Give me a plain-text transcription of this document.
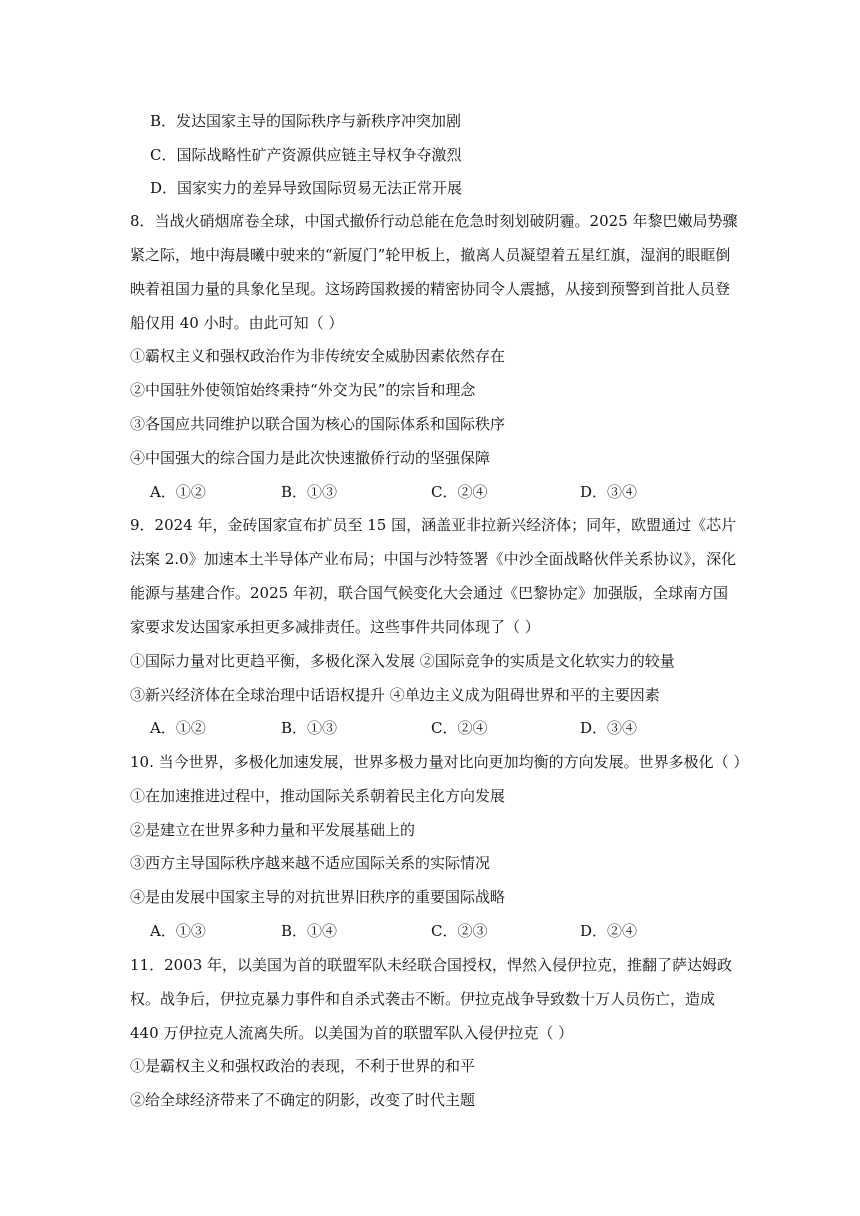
B．发达国家主导的国际秩序与新秩序冲突加剧
C．国际战略性矿产资源供应链主导权争夺激烈
D．国家实力的差异导致国际贸易无法正常开展
8．当战火硝烟席卷全球，中国式撤侨行动总能在危急时刻划破阴霾。2025 年黎巴嫩局势骤
紧之际，地中海晨曦中驶来的“新厦门”轮甲板上，撤离人员凝望着五星红旗，湿润的眼眶倒
映着祖国力量的具象化呈现。这场跨国救援的精密协同令人震撼，从接到预警到首批人员登
船仅用 40 小时。由此可知（ ）
①霸权主义和强权政治作为非传统安全威胁因素依然存在
②中国驻外使领馆始终秉持“外交为民”的宗旨和理念
③各国应共同维护以联合国为核心的国际体系和国际秩序
④中国强大的综合国力是此次快速撤侨行动的坚强保障
A．①②	B．①③	C．②④	D．③④
9．2024 年，金砖国家宣布扩员至 15 国，涵盖亚非拉新兴经济体；同年，欧盟通过《芯片
法案 2.0》加速本土半导体产业布局；中国与沙特签署《中沙全面战略伙伴关系协议》，深化
能源与基建合作。2025 年初，联合国气候变化大会通过《巴黎协定》加强版，全球南方国
家要求发达国家承担更多减排责任。这些事件共同体现了（ ）
①国际力量对比更趋平衡，多极化深入发展 ②国际竞争的实质是文化软实力的较量
③新兴经济体在全球治理中话语权提升 ④单边主义成为阻碍世界和平的主要因素
A．①②	B．①③	C．②④	D．③④
10. 当今世界，多极化加速发展，世界多极力量对比向更加均衡的方向发展。世界多极化（ ）
①在加速推进过程中，推动国际关系朝着民主化方向发展
②是建立在世界多种力量和平发展基础上的
③西方主导国际秩序越来越不适应国际关系的实际情况
④是由发展中国家主导的对抗世界旧秩序的重要国际战略
A．①③	B．①④	C．②③	D．②④
11．2003 年，以美国为首的联盟军队未经联合国授权，悍然入侵伊拉克，推翻了萨达姆政
权。战争后，伊拉克暴力事件和自杀式袭击不断。伊拉克战争导致数十万人员伤亡，造成
440 万伊拉克人流离失所。以美国为首的联盟军队入侵伊拉克（ ）
①是霸权主义和强权政治的表现，不利于世界的和平
②给全球经济带来了不确定的阴影，改变了时代主题
